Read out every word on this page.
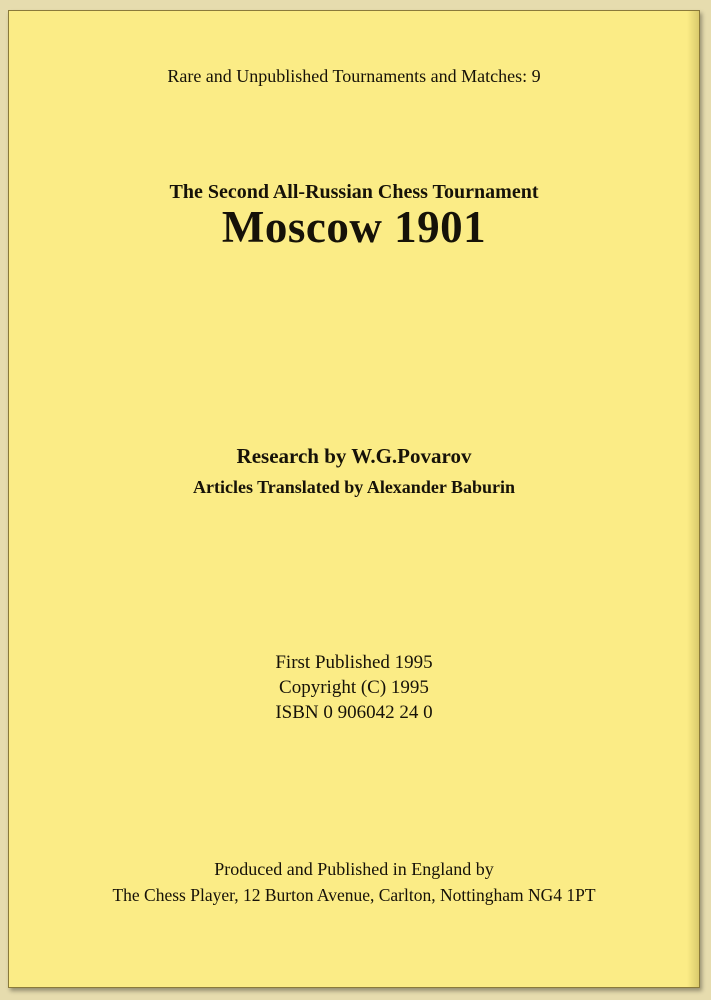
Rare and Unpublished Tournaments and Matches: 9
The Second All-Russian Chess Tournament
Moscow 1901
Research by W.G.Povarov
Articles Translated by Alexander Baburin
First Published 1995
Copyright (C) 1995
ISBN 0 906042 24 0
Produced and Published in England by
The Chess Player, 12 Burton Avenue, Carlton, Nottingham NG4 1PT
